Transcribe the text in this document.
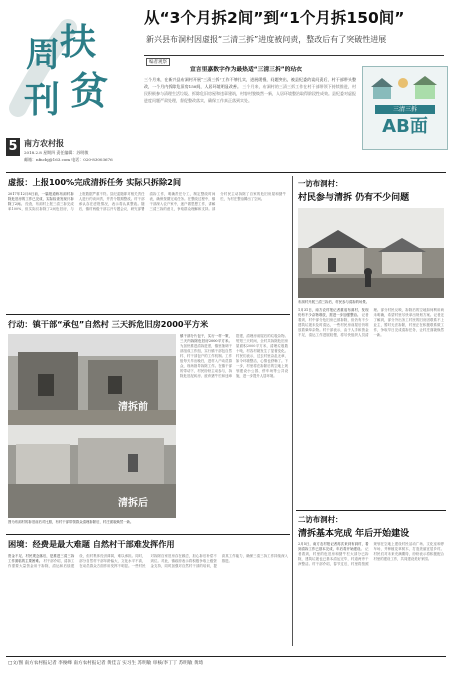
周 扶
刊 贫
5 南方农村报
2018.2.8 星期四 责任编辑：苏明敏
邮箱：nfncbj@163.com 电话：020-83003676
从“3个月拆2间”到“1个月拆150间”
新兴县布洞村因虚报“三清三拆”进度被问责，整改后有了突破性进展
编者观察
宣言里嘉数字作为最热适“三清三拆”的玷衣
三个月来，在新兴县布洞村开展“三清三拆”工作不够扎实，进展缓慢，问题突出，被县纪委约谈问责后，村干部带头整改，一个月内拆除危旧房150间，人居环境明显改善。 三个月来，布洞村的三清三拆工作在村干部带领下持续推进，村民积极参与清理生活垃圾、拆除危旧房屋和违章建筑，村容村貌焕然一新，人居环境整治取得阶段性成效。县纪委对虚报进度问题严肃处理，督促整改落实，确保工作真正落到实处。
三清三拆
AB面
虚报：上报100%完成清拆任务 实际只拆除2间
2017年12月8日前，一篇报道称布洞村拆除危旧房的工作已完成，实际检查发现只拆除了2间。 经查，布洞村上报三清三拆完成率100%，但实际仅拆除了2间危旧房，与上报数据严重不符。县纪委随即对相关责任人进行约谈问责，并责令限期整改。村干部承认存在虚报情况，表示将认真整改。随后，镇村两级干部召开专题会议，研究部署清拆工作，明确责任分工，制定整改时间表，确保按期完成任务。在整改过程中，镇干部深入农户家中，逐户做思想工作，讲解三清三拆的意义，争取群众理解和支持。部分村民主动拆除了自家的危旧房屋和猪牛栏，为村庄整治腾出了空间。
行动：镇干部“承包”自然村 三天拆危旧房2000平方米
清拆前
清拆后
图为布洞村的拆旧前后对比照，有村干部带领群众清理拆除后，村庄面貌焕然一新。
镇干部分片包干，实行一村一策，三天内拆除危旧房2000平方米。 为加快推进清拆进度，镇里抽调干部组成工作组，实行镇干部包自然村、村干部包户的工作机制。工作组每天早出晚归，进村入户动员群众，现场指导拆除工作。在镇干部的带动下，村民纷纷主动参与，拆除危旧泥砖房、废弃猪牛栏和违章搭建，清理房前屋后的垃圾杂物。短短三天时间，全村共拆除危旧房屋面积2000平方米，清理垃圾数十吨，村容村貌发生了显著变化。村民们表示，过去村里杂乱无章，如今环境整洁，心情也舒畅了。下一步，村里将在拆除后的空地上规划建设小公园、停车场等公共设施，进一步提升人居环境。
困境：经费是最大难题 自然村干部难发挥作用
资金不足、村民观念落后，是推进三清三拆工作面临的主要困难。 村干部介绍，清拆工作需要大量资金用于拆除、清运和后续建设，但村集体经济薄弱，难以承担。同时，部分自然村干部年龄偏大，文化水平不高，在动员群众方面作用发挥不明显。一些村民对拆除自家旧房存在顾虑，担心拆后补偿不到位。对此，镇政府表示将积极争取上级资金支持，同时加强对自然村干部的培训，提高其工作能力，确保三清三拆工作持续深入推进。
一访布洞村：
村民参与清拆 仍有不少问题
布洞村开展三清三拆后，村民参与清拆的场景。
1月31日，南方农村报记者重返布洞村，发现仍有不少杂物堆放，需进一步加强整治。 记者看到，村中部分危旧房已被拆除，但仍有不少建筑垃圾未及时清运，一些村民房前屋后仍堆放着柴草杂物。村干部表示，由于人手和资金不足，清运工作进展较慢，将尽快组织人员清理。部分村民反映，拆除后的空地如何利用尚未明确，希望村里尽快拿出规划方案。记者还了解到，部分外出务工村民的旧房因联系不上业主，暂时无法拆除，村里正在积极联系做工作，争取早日完成清拆任务，让村庄面貌焕然一新。
二访布洞村：
清拆基本完成 年后开始建设
2月5日，南方农村报记者再次来到布洞村，看到清拆工作已基本完成，年后将开始建设。 记者看到，村里的危旧房和猪牛栏大部分已拆除，建筑垃圾也已基本清运完毕，村道两旁干净整洁。村干部介绍，春节过后，村里将按照规划在空地上建设村民活动广场、文化室和停车场，并种植花草树木，打造美丽宜居乡村。村民们对未来充满期待，纷纷表示将积极配合村里的建设工作，共同建设美好家园。
□文/图 南方农村报记者 李俊峰 南方农村报记者 黄佳言 实习生 苏明敏 审核/李丁丁 苏明敏 黄琦
